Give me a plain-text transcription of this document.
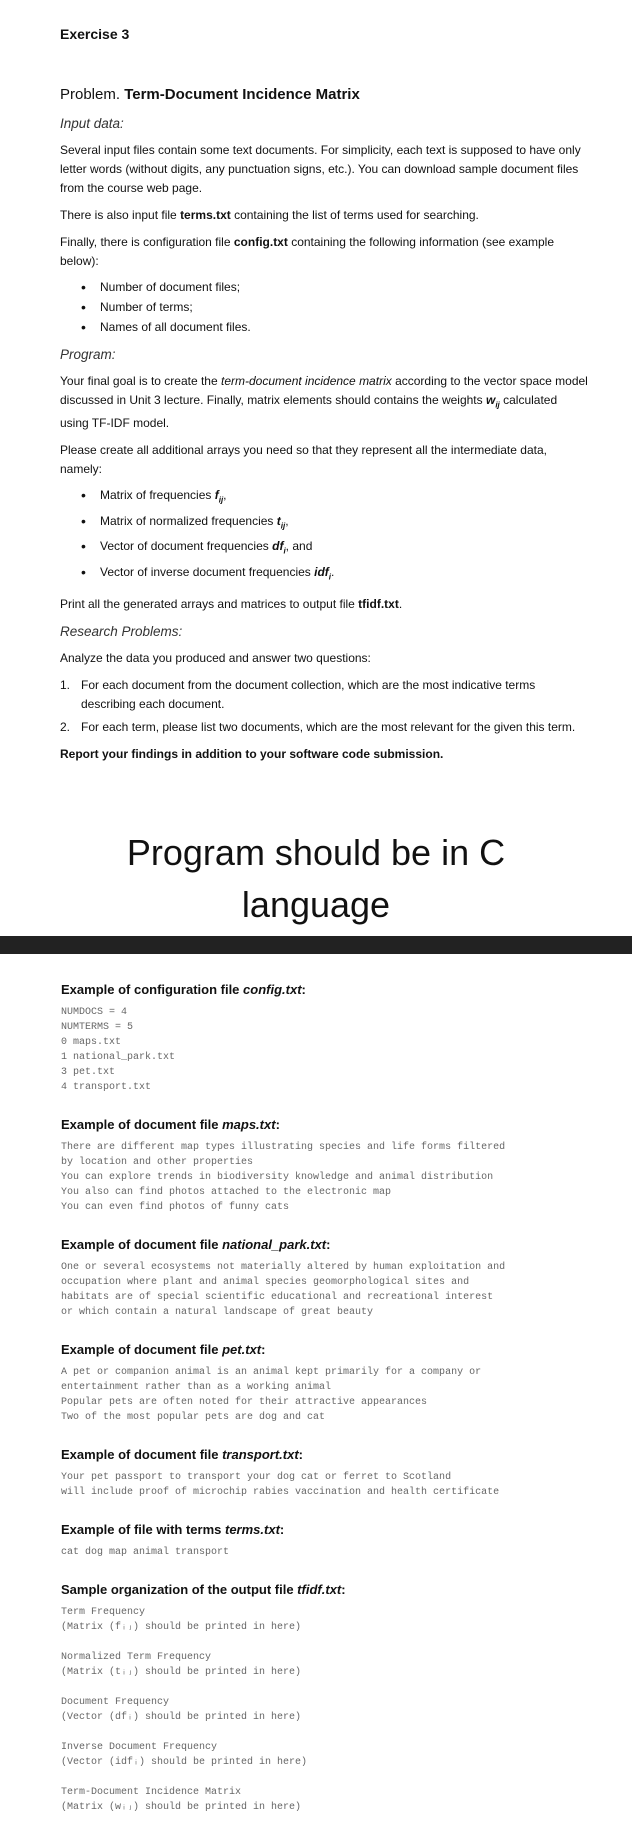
Exercise 3

Problem. Term-Document Incidence Matrix

Input data:

Several input files contain some text documents. For simplicity, each text is supposed to have only letter words (without digits, any punctuation signs, etc.). You can download sample document files from the course web page.

There is also input file terms.txt containing the list of terms used for searching.

Finally, there is configuration file config.txt containing the following information (see example below):

• Number of document files;
• Number of terms;
• Names of all document files.

Program:

Your final goal is to create the term-document incidence matrix according to the vector space model discussed in Unit 3 lecture. Finally, matrix elements should contains the weights $w_{ij}$ calculated using TF-IDF model.

Please create all additional arrays you need so that they represent all the intermediate data, namely:

• Matrix of frequencies $f_{ij}$,
• Matrix of normalized frequencies $t_{ij}$,
• Vector of document frequencies $df_i$, and
• Vector of inverse document frequencies idf$_i$.

Print all the generated arrays and matrices to output file tfidf.txt.

Research Problems:

Analyze the data you produced and answer two questions:

1. For each document from the document collection, which are the most indicative terms describing each document.
2. For each term, please list two documents, which are the most relevant for the given this term.

Report your findings in addition to your software code submission.

Program should be in C
language
Example of configuration file config.txt:
NUMDOCS = 4
NUMTERMS = 5
0 maps.txt
1 national_park.txt
3 pet.txt
4 transport.txt
Example of document file maps.txt:
There are different map types illustrating species and life forms filtered
by location and other properties
You can explore trends in biodiversity knowledge and animal distribution
You also can find photos attached to the electronic map
You can even find photos of funny cats
Example of document file national_park.txt:
One or several ecosystems not materially altered by human exploitation and
occupation where plant and animal species geomorphological sites and
habitats are of special scientific educational and recreational interest
or which contain a natural landscape of great beauty
Example of document file pet.txt:
A pet or companion animal is an animal kept primarily for a company or
entertainment rather than as a working animal
Popular pets are often noted for their attractive appearances
Two of the most popular pets are dog and cat
Example of document file transport.txt:
Your pet passport to transport your dog cat or ferret to Scotland
will include proof of microchip rabies vaccination and health certificate
Example of file with terms terms.txt:
cat dog map animal transport
Sample organization of the output file tfidf.txt:
Term Frequency
(Matrix (fᵢⱼ) should be printed in here)
Normalized Term Frequency
(Matrix (tᵢⱼ) should be printed in here)
Document Frequency
(Vector (dfᵢ) should be printed in here)
Inverse Document Frequency
(Vector (idfᵢ) should be printed in here)
Term-Document Incidence Matrix
(Matrix (wᵢⱼ) should be printed in here)
